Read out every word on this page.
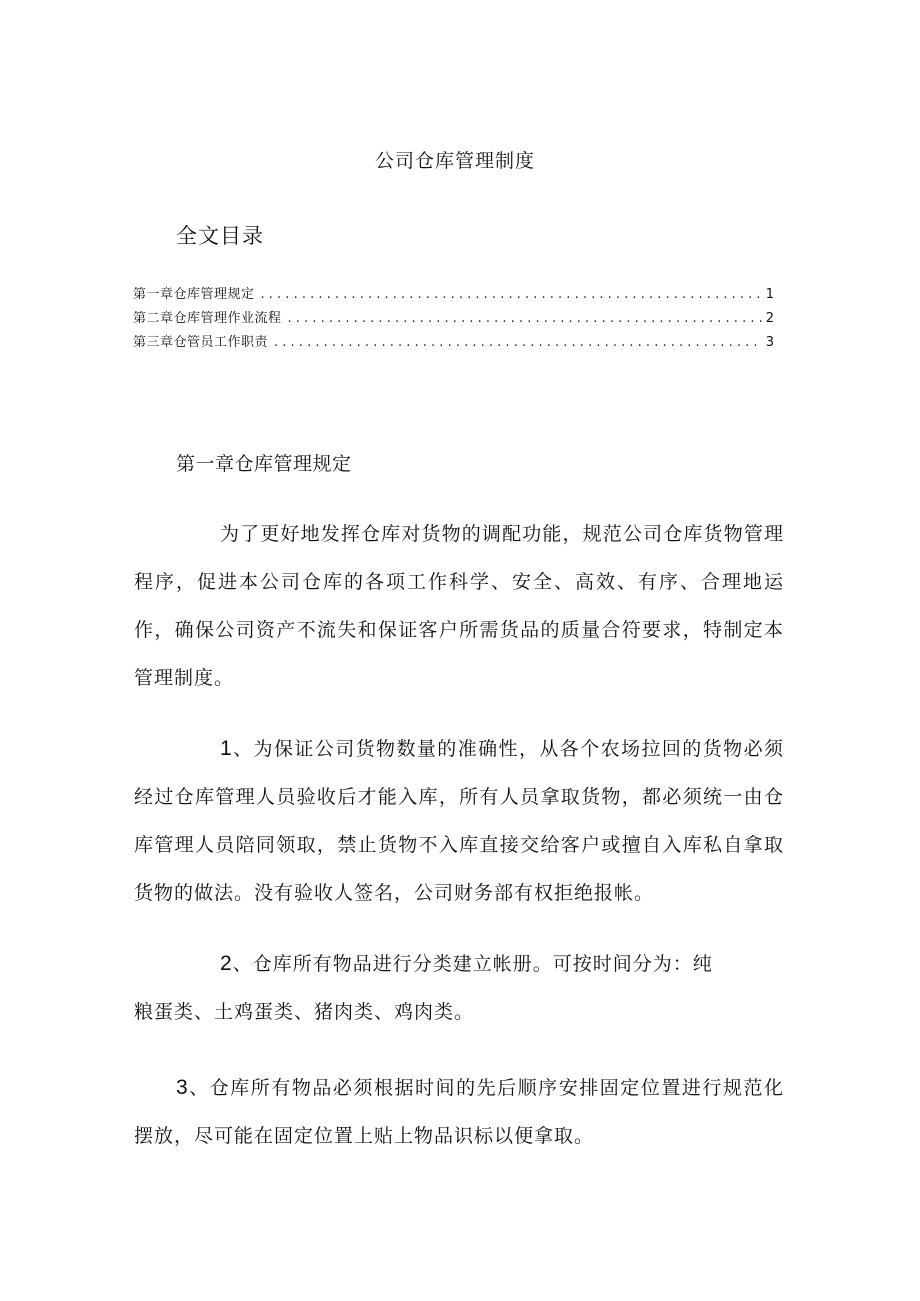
公司仓库管理制度
全文目录
第一章仓库管理规定 . . .	1
第二章仓库管理作业流程 . . .	2
第三章仓管员工作职责 . . .	3
第一章仓库管理规定

为了更好地发挥仓库对货物的调配功能，规范公司仓库货物管理程序，促进本公司仓库的各项工作科学、安全、高效、有序、合理地运作，确保公司资产不流失和保证客户所需货品的质量合符要求，特制定本管理制度。

1、为保证公司货物数量的准确性，从各个农场拉回的货物必须经过仓库管理人员验收后才能入库，所有人员拿取货物，都必须统一由仓库管理人员陪同领取，禁止货物不入库直接交给客户或擅自入库私自拿取货物的做法。没有验收人签名，公司财务部有权拒绝报帐。

2、仓库所有物品进行分类建立帐册。可按时间分为：纯
粮蛋类、土鸡蛋类、猪肉类、鸡肉类。

3、仓库所有物品必须根据时间的先后顺序安排固定位置进行规范化摆放，尽可能在固定位置上贴上物品识标以便拿取。
